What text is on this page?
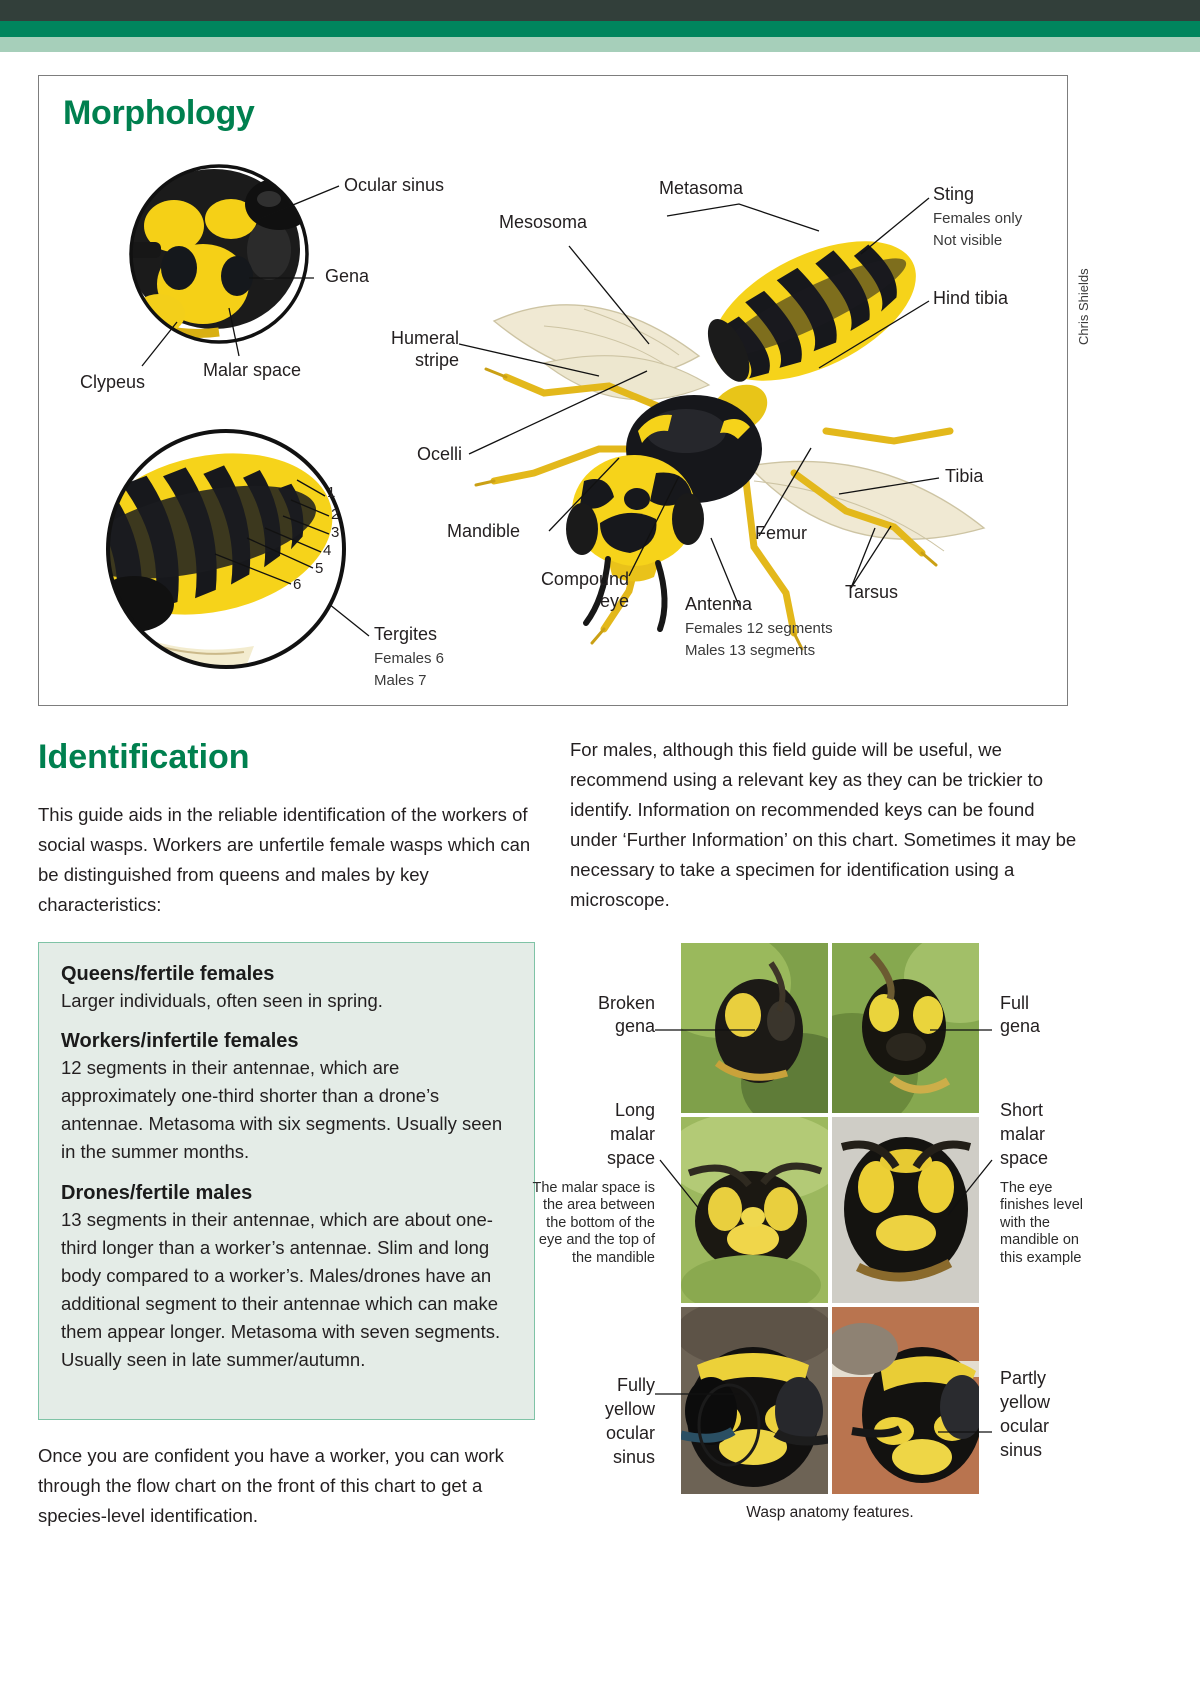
Morphology
Ocular sinus
Gena
Malar space
Clypeus
Mesosoma
Metasoma
Humeral
stripe
Ocelli
Mandible
Compound
eye	Antenna
Females 12 segments
Males 13 segments
Femur
Tarsus
Tibia
Hind tibia
Sting
Females only
Not visible
Tergites
Females 6
Males 7
1
2
3
4
5
6
Chris Shields
Identification
This guide aids in the reliable identification of the workers of social wasps. Workers are unfertile female wasps which can be distinguished from queens and males by key characteristics:
For males, although this field guide will be useful, we recommend using a relevant key as they can be trickier to identify. Information on recommended keys can be found under ‘Further Information’ on this chart. Sometimes it may be necessary to take a specimen for identification using a microscope.
Queens/fertile females

Larger individuals, often seen in spring.

Workers/infertile females

12 segments in their antennae, which are approximately one-third shorter than a drone’s antennae. Metasoma with six segments. Usually seen in the summer months.

Drones/fertile males

13 segments in their antennae, which are about one-third longer than a worker’s antennae. Slim and long body compared to a worker’s. Males/drones have an additional segment to their antennae which can make them appear longer. Metasoma with seven segments. Usually seen in late summer/autumn.

Once you are confident you have a worker, you can work through the flow chart on the front of this chart to get a species-level identification.	Wasp anatomy features.
Broken
gena
Long
malar
space
The malar space is the area between the bottom of the eye and the top of the mandible
Fully
yellow
ocular
sinus
Full
gena
Short
malar
space
The eye finishes level with the mandible on this example
Partly
yellow
ocular
sinus
